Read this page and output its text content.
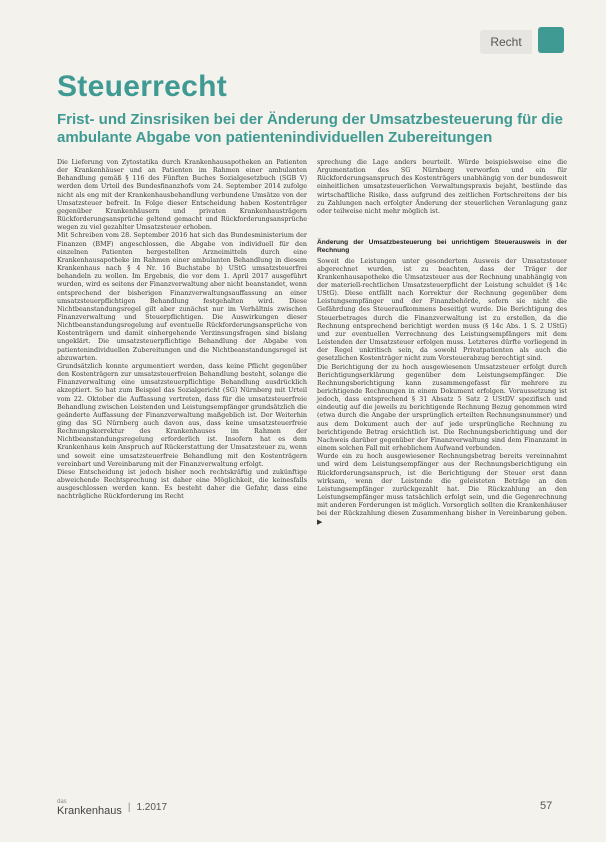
Recht
Steuerrecht
Frist- und Zinsrisiken bei der Änderung der Umsatzbesteuerung für die ambulante Abgabe von patientenindividuellen Zubereitungen

Die Lieferung von Zytostatika durch Krankenhausapotheken an Patienten der Krankenhäuser und an Patienten im Rahmen einer ambulanten Behandlung gemäß § 116 des Fünften Buches Sozialgesetzbuch (SGB V) werden dem Urteil des Bundesfinanzhofs vom 24. September 2014 zufolge nicht als eng mit der Krankenhausbehandlung verbundene Umsätze von der Umsatzsteuer befreit. In Folge dieser Entscheidung haben Kostenträger gegenüber Krankenhäusern und privaten Krankenhausträgern Rückforderungsansprüche geltend gemacht und Rückforderungsansprüche wegen zu viel gezahlter Umsatzsteuer erhoben.

Mit Schreiben vom 28. September 2016 hat sich das Bundesministerium der Finanzen (BMF) angeschlossen, die Abgabe von individuell für den einzelnen Patienten hergestellten Arzneimitteln durch eine Krankenhausapotheke im Rahmen einer ambulanten Behandlung in diesem Krankenhaus nach § 4 Nr. 16 Buchstabe b) UStG umsatzsteuerfrei behandeln zu wollen. Im Ergebnis, die vor dem 1. April 2017 ausgeführt wurden, wird es seitens der Finanzverwaltung aber nicht beanstandet, wenn entsprechend der bisherigen Finanzverwaltungsauffassung an einer umsatzsteuerpflichtigen Behandlung festgehalten wird. Diese Nichtbeanstandungsregel gilt aber zunächst nur im Verhältnis zwischen Finanzverwaltung und Steuerpflichtigen. Die Auswirkungen dieser Nichtbeanstandungsregelung auf eventuelle Rückforderungsansprüche von Kostenträgern und damit einhergehende Verzinsungsfragen sind bislang ungeklärt. Die umsatzsteuerpflichtige Behandlung der Abgabe von patientenindividuellen Zubereitungen und die Nichtbeanstandungsregel ist abzuwarten.

Grundsätzlich konnte argumentiert werden, dass keine Pflicht gegenüber den Kostenträgern zur umsatzsteuerfreien Behandlung besteht, solange die Finanzverwaltung eine umsatzsteuerpflichtige Behandlung ausdrücklich akzeptiert. So hat zum Beispiel das Sozialgericht (SG) Nürnberg mit Urteil vom 22. Oktober die Auffassung vertreten, dass für die umsatzsteuerfreie Behandlung zwischen Leistenden und Leistungsempfänger grundsätzlich die geänderte Auffassung der Finanzverwaltung maßgeblich ist. Der Weiterhin ging das SG Nürnberg auch davon aus, dass keine umsatzsteuerfreie Rechnungskorrektur des Krankenhauses im Rahmen der Nichtbeanstandungsregelung erforderlich ist. Insofern hat es dem Krankenhaus kein Anspruch auf Rückerstattung der Umsatzsteuer zu, wenn und soweit eine umsatzsteuerfreie Behandlung mit den Kostenträgern vereinbart und Vereinbarung mit der Finanzverwaltung erfolgt.

Diese Entscheidung ist jedoch bisher noch rechtskräftig und zukünftige abweichende Rechtsprechung ist daher eine Möglichkeit, die keinesfalls ausgeschlossen werden kann. Es besteht daher die Gefahr, dass eine nachträgliche Rückforderung im Recht

sprechung die Lage anders beurteilt. Würde beispielsweise eine die Argumentation des SG Nürnberg verworfen und ein für Rückforderungsanspruch des Kostenträgers unabhängig von der bundesweit einheitlichen umsatzsteuerlichen Verwaltungspraxis bejaht, bestünde das wirtschaftliche Risiko, dass aufgrund des zeitlichen Fortschreitens der bis zu Zahlungen nach erfolgter Änderung der steuerlichen Veranlagung ganz oder teilweise nicht mehr möglich ist.

Änderung der Umsatzbesteuerung bei unrichtigem Steuerausweis in der Rechnung

Soweit die Leistungen unter gesondertem Ausweis der Umsatzsteuer abgerechnet wurden, ist zu beachten, dass der Träger der Krankenhausapotheke die Umsatzsteuer aus der Rechnung unabhängig von der materiell-rechtlichen Umsatzsteuerpflicht der Leistung schuldet (§ 14c UStG). Diese entfällt nach Korrektur der Rechnung gegenüber dem Leistungsempfänger und der Finanzbehörde, sofern sie nicht die Gefährdung des Steueraufkommens beseitigt wurde. Die Berichtigung des Steuerbetrages durch die Finanzverwaltung ist zu erstellen, da die Rechnung entsprechend berichtigt werden muss (§ 14c Abs. 1 S. 2 UStG) und zur eventuellen Verrechnung des Leistungsempfängers mit dem Leistenden der Umsatzsteuer erfolgen muss. Letzteres dürfte vorliegend in der Regel unkritisch sein, da sowohl Privatpatienten als auch die gesetzlichen Kostenträger nicht zum Vorsteuerabzug berechtigt sind.

Die Berichtigung der zu hoch ausgewiesenen Umsatzsteuer erfolgt durch Berichtigungserklärung gegenüber dem Leistungsempfänger. Die Rechnungsberichtigung kann zusammengefasst für mehrere zu berichtigende Rechnungen in einem Dokument erfolgen. Voraussetzung ist jedoch, dass entsprechend § 31 Absatz 5 Satz 2 UStDV spezifisch und eindeutig auf die jeweils zu berichtigende Rechnung Bezug genommen wird (etwa durch die Angabe der ursprünglich erteilten Rechnungsnummer) und aus dem Dokument auch der auf jede ursprüngliche Rechnung zu berichtigende Betrag ersichtlich ist. Die Rechnungsberichtigung und der Nachweis darüber gegenüber der Finanzverwaltung sind dem Finanzamt in einem solchen Fall mit erheblichem Aufwand verbunden.

Wurde ein zu hoch ausgewiesener Rechnungsbetrag bereits vereinnahmt und wird dem Leistungsempfänger aus der Rechnungsberichtigung ein Rückforderungsanspruch, ist die Berichtigung der Steuer erst dann wirksam, wenn der Leistende die geleisteten Beträge an den Leistungsempfänger zurückgezahlt hat. Die Rückzahlung an den Leistungsempfänger muss tatsächlich erfolgt sein, und die Gegenrechnung mit anderen Forderungen ist möglich. Vorsorglich sollten die Krankenhäuser bei der Rückzahlung diesen Zusammenhang bisher in Vereinbarung geben. ▶

das
Krankenhaus | 1.2017	57
